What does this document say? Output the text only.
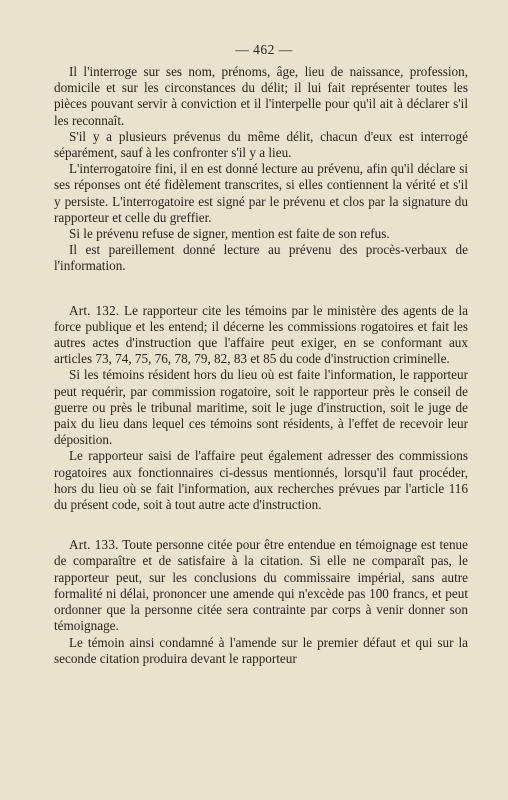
— 462 —

Il l'interroge sur ses nom, prénoms, âge, lieu de naissance, profession, domicile et sur les circonstances du délit; il lui fait représenter toutes les pièces pouvant servir à conviction et il l'interpelle pour qu'il ait à déclarer s'il les reconnaît.

S'il y a plusieurs prévenus du même délit, chacun d'eux est interrogé séparément, sauf à les confronter s'il y a lieu.

L'interrogatoire fini, il en est donné lecture au prévenu, afin qu'il déclare si ses réponses ont été fidèlement transcrites, si elles contiennent la vérité et s'il y persiste. L'interrogatoire est signé par le prévenu et clos par la signature du rapporteur et celle du greffier.

Si le prévenu refuse de signer, mention est faite de son refus.

Il est pareillement donné lecture au prévenu des procès-verbaux de l'information.

Art. 132. Le rapporteur cite les témoins par le ministère des agents de la force publique et les entend; il décerne les commissions rogatoires et fait les autres actes d'instruction que l'affaire peut exiger, en se conformant aux articles 73, 74, 75, 76, 78, 79, 82, 83 et 85 du code d'instruction criminelle.

Si les témoins résident hors du lieu où est faite l'information, le rapporteur peut requérir, par commission rogatoire, soit le rapporteur près le conseil de guerre ou près le tribunal maritime, soit le juge d'instruction, soit le juge de paix du lieu dans lequel ces témoins sont résidents, à l'effet de recevoir leur déposition.

Le rapporteur saisi de l'affaire peut également adresser des commissions rogatoires aux fonctionnaires ci-dessus mentionnés, lorsqu'il faut procéder, hors du lieu où se fait l'information, aux recherches prévues par l'article 116 du présent code, soit à tout autre acte d'instruction.

Art. 133. Toute personne citée pour être entendue en témoignage est tenue de comparaître et de satisfaire à la citation. Si elle ne comparaît pas, le rapporteur peut, sur les conclusions du commissaire impérial, sans autre formalité ni délai, prononcer une amende qui n'excède pas 100 francs, et peut ordonner que la personne citée sera contrainte par corps à venir donner son témoignage.

Le témoin ainsi condamné à l'amende sur le premier défaut et qui sur la seconde citation produira devant le rapporteur
